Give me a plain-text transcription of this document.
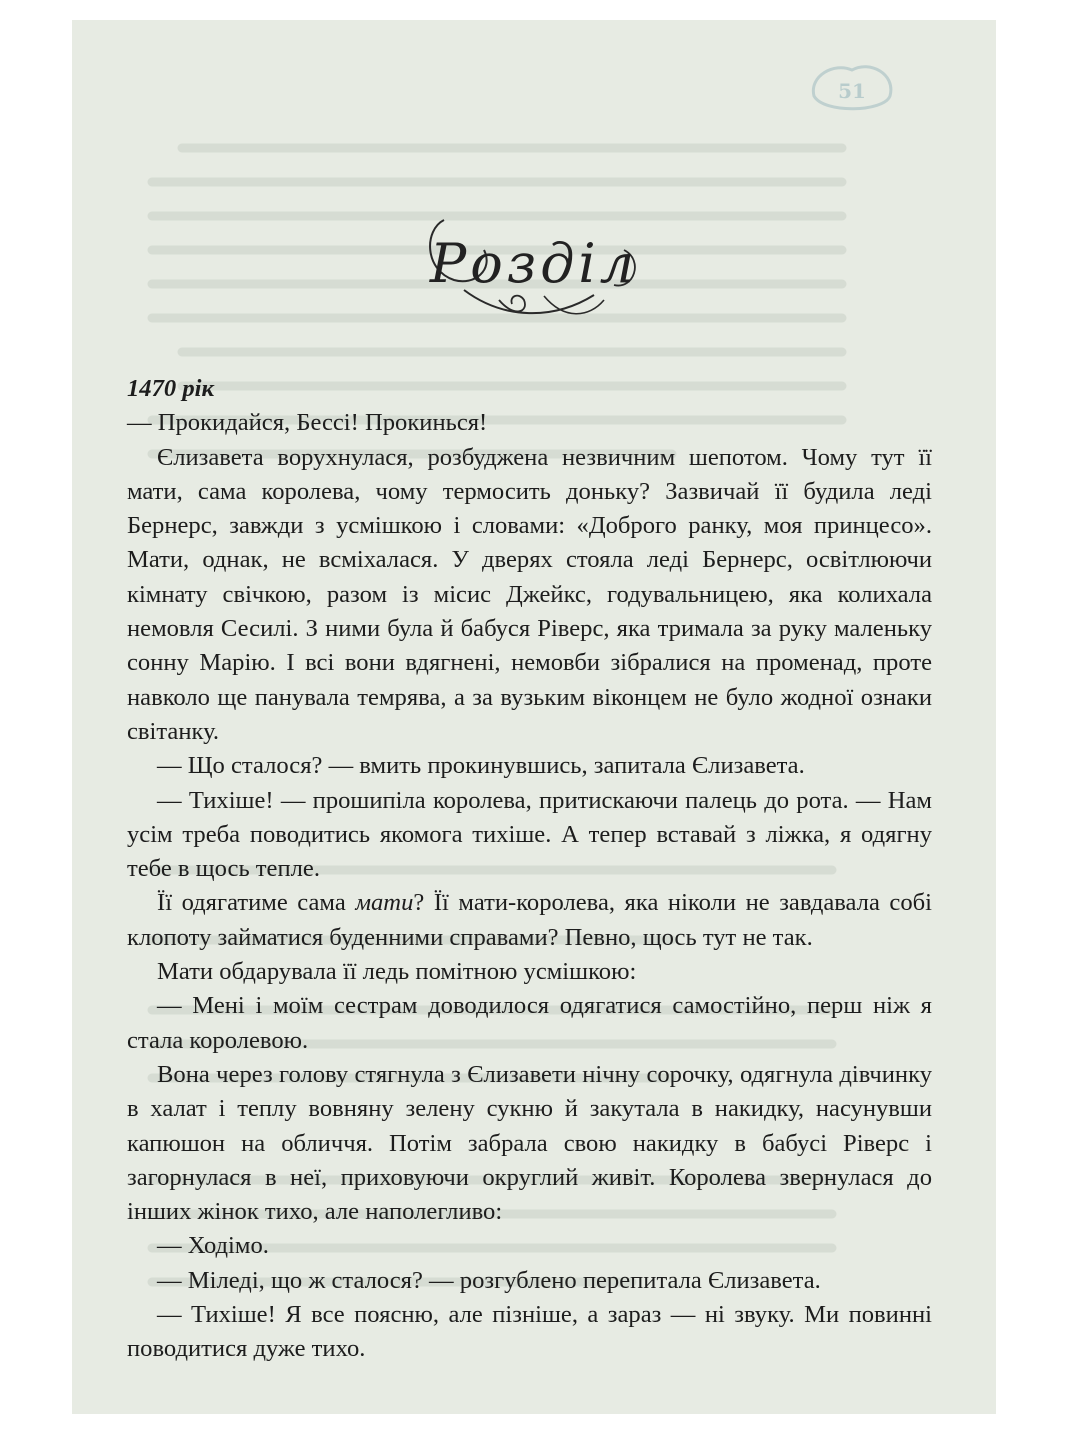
51
Розділ

1470 рік

— Прокидайся, Бессі! Прокинься!

Єлизавета ворухнулася, розбуджена незвичним шепотом. Чому тут її мати, сама королева, чому термосить доньку? Зазвичай її будила леді Бернерс, завжди з усмішкою і словами: «Доброго ранку, моя принцесо». Мати, однак, не всміхалася. У дверях стояла леді Бернерс, освітлюючи кімнату свічкою, разом із місис Джейкс, годувальницею, яка колихала немовля Сесилі. З ними була й бабуся Ріверс, яка тримала за руку маленьку сонну Марію. І всі вони вдягнені, немовби зібралися на променад, проте навколо ще панувала темрява, а за вузьким віконцем не було жодної ознаки світанку.

— Що сталося? — вмить прокинувшись, запитала Єлизавета.

— Тихіше! — прошипіла королева, притискаючи палець до рота. — Нам усім треба поводитись якомога тихіше. А тепер вставай з ліжка, я одягну тебе в щось тепле.

Її одягатиме сама мати? Її мати-королева, яка ніколи не завдавала собі клопоту займатися буденними справами? Певно, щось тут не так.

Мати обдарувала її ледь помітною усмішкою:

— Мені і моїм сестрам доводилося одягатися самостійно, перш ніж я стала королевою.

Вона через голову стягнула з Єлизавети нічну сорочку, одягнула дівчинку в халат і теплу вовняну зелену сукню й закутала в накидку, насунувши капюшон на обличчя. Потім забрала свою накидку в бабусі Ріверс і загорнулася в неї, приховуючи округлий живіт. Королева звернулася до інших жінок тихо, але наполегливо:

— Ходімо.

— Міледі, що ж сталося? — розгублено перепитала Єлизавета.

— Тихіше! Я все поясню, але пізніше, а зараз — ні звуку. Ми повинні поводитися дуже тихо.
